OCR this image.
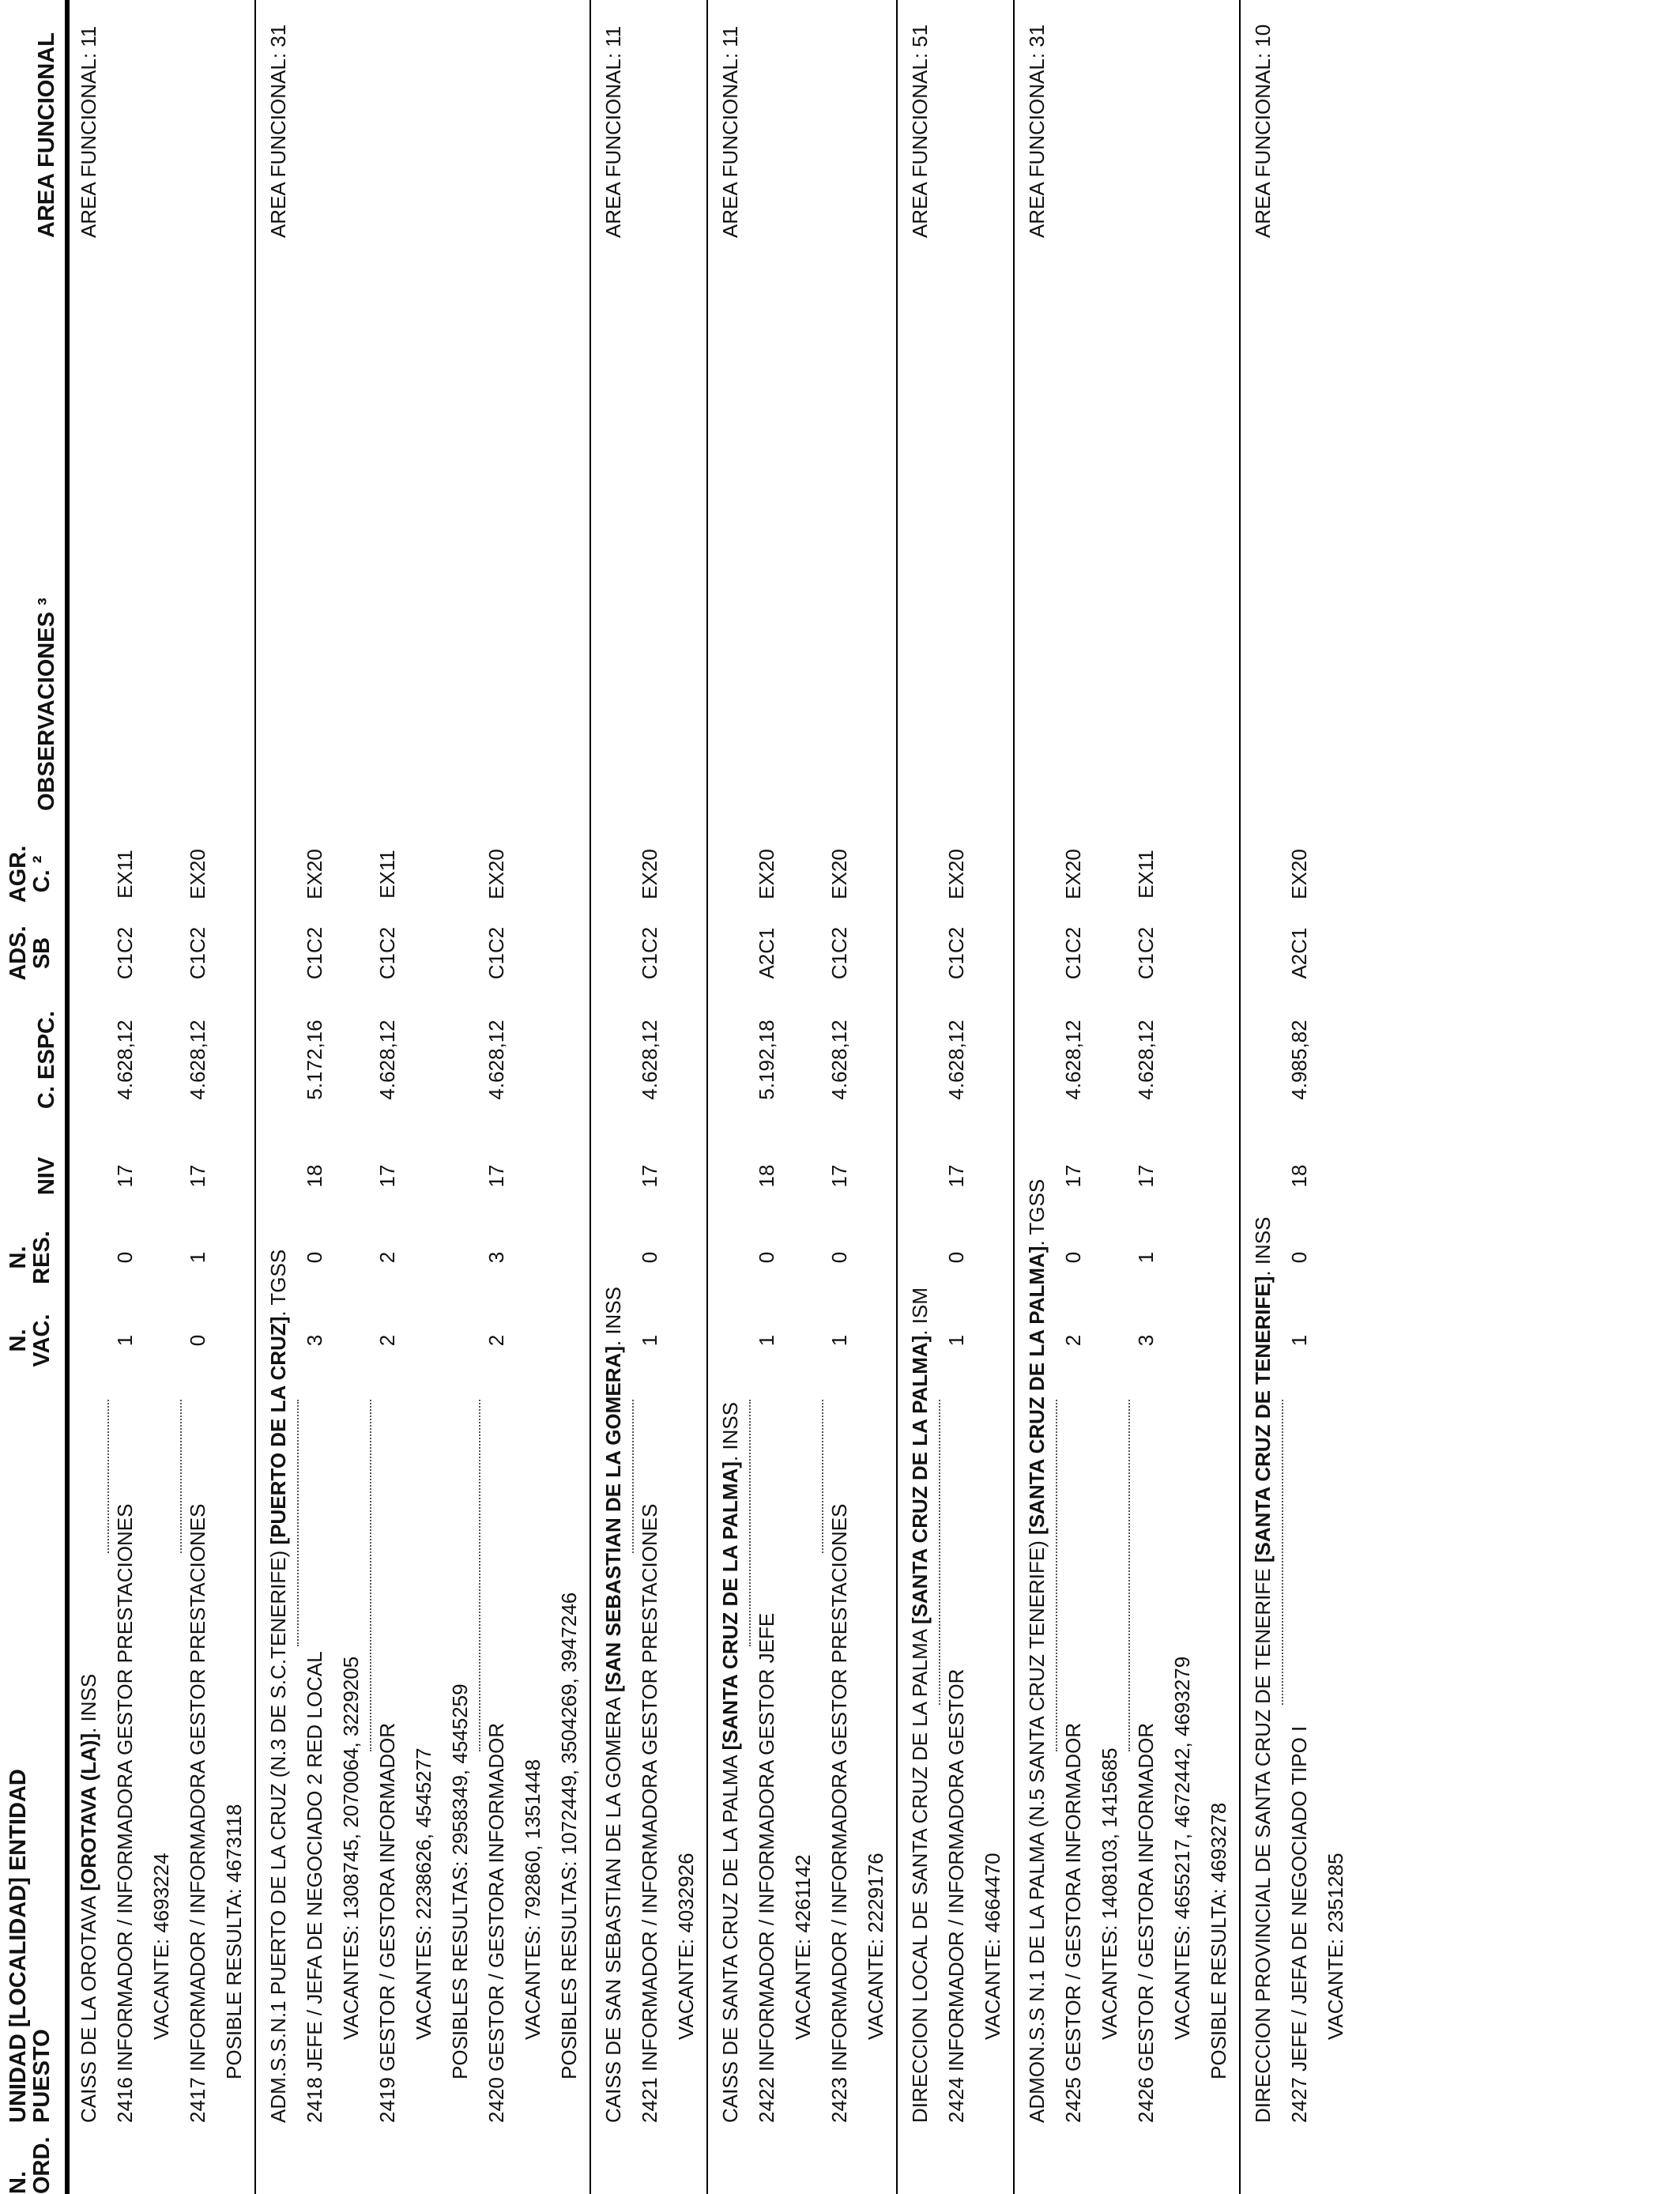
N.
ORD.
UNIDAD [LOCALIDAD] ENTIDAD
PUESTO
N.
VAC.
N.
RES.
NIV
C. ESPC.
ADS.
SB
AGR.
C. ²
OBSERVACIONES ³
AREA FUNCIONAL
CAISS DE LA OROTAVA [OROTAVA (LA)]. INSS
AREA FUNCIONAL: 11
2416
INFORMADOR / INFORMADORA GESTOR PRESTACIONES
1
0
17
4.628,12
C1C2
EX11
VACANTE: 4693224
2417
INFORMADOR / INFORMADORA GESTOR PRESTACIONES
0
1
17
4.628,12
C1C2
EX20
POSIBLE RESULTA: 4673118 ADM.S.S.N.1 PUERTO DE LA CRUZ (N.3 DE S.C.TENERIFE) [PUERTO DE LA CRUZ]. TGSS
AREA FUNCIONAL: 31
2418
JEFE / JEFA DE NEGOCIADO 2 RED LOCAL
3
0
18
5.172,16
C1C2
EX20
VACANTES: 1308745, 2070064, 3229205
2419
GESTOR / GESTORA INFORMADOR
2
2
17
4.628,12
C1C2
EX11
VACANTES: 2238626, 4545277 POSIBLES RESULTAS: 2958349, 4545259
2420
GESTOR / GESTORA INFORMADOR
2
3
17
4.628,12
C1C2
EX20
VACANTES: 792860, 1351448 POSIBLES RESULTAS: 1072449, 3504269, 3947246 CAISS DE SAN SEBASTIAN DE LA GOMERA [SAN SEBASTIAN DE LA GOMERA]. INSS
AREA FUNCIONAL: 11
2421
INFORMADOR / INFORMADORA GESTOR PRESTACIONES
1
0
17
4.628,12
C1C2
EX20
VACANTE: 4032926 CAISS DE SANTA CRUZ DE LA PALMA [SANTA CRUZ DE LA PALMA]. INSS
AREA FUNCIONAL: 11
2422
INFORMADOR / INFORMADORA GESTOR JEFE
1
0
18
5.192,18
A2C1
EX20
VACANTE: 4261142
2423
INFORMADOR / INFORMADORA GESTOR PRESTACIONES
1
0
17
4.628,12
C1C2
EX20
VACANTE: 2229176 DIRECCION LOCAL DE SANTA CRUZ DE LA PALMA [SANTA CRUZ DE LA PALMA]. ISM
AREA FUNCIONAL: 51
2424
INFORMADOR / INFORMADORA GESTOR
1
0
17
4.628,12
C1C2
EX20
VACANTE: 4664470 ADMON.S.S N.1 DE LA PALMA (N.5 SANTA CRUZ TENERIFE) [SANTA CRUZ DE LA PALMA]. TGSS
AREA FUNCIONAL: 31
2425
GESTOR / GESTORA INFORMADOR
2
0
17
4.628,12
C1C2
EX20
VACANTES: 1408103, 1415685
2426
GESTOR / GESTORA INFORMADOR
3
1
17
4.628,12
C1C2
EX11
VACANTES: 4655217, 4672442, 4693279 POSIBLE RESULTA: 4693278 DIRECCION PROVINCIAL DE SANTA CRUZ DE TENERIFE [SANTA CRUZ DE TENERIFE]. INSS
AREA FUNCIONAL: 10
2427
JEFE / JEFA DE NEGOCIADO TIPO I
1
0
18
4.985,82
A2C1
EX20
VACANTE: 2351285
